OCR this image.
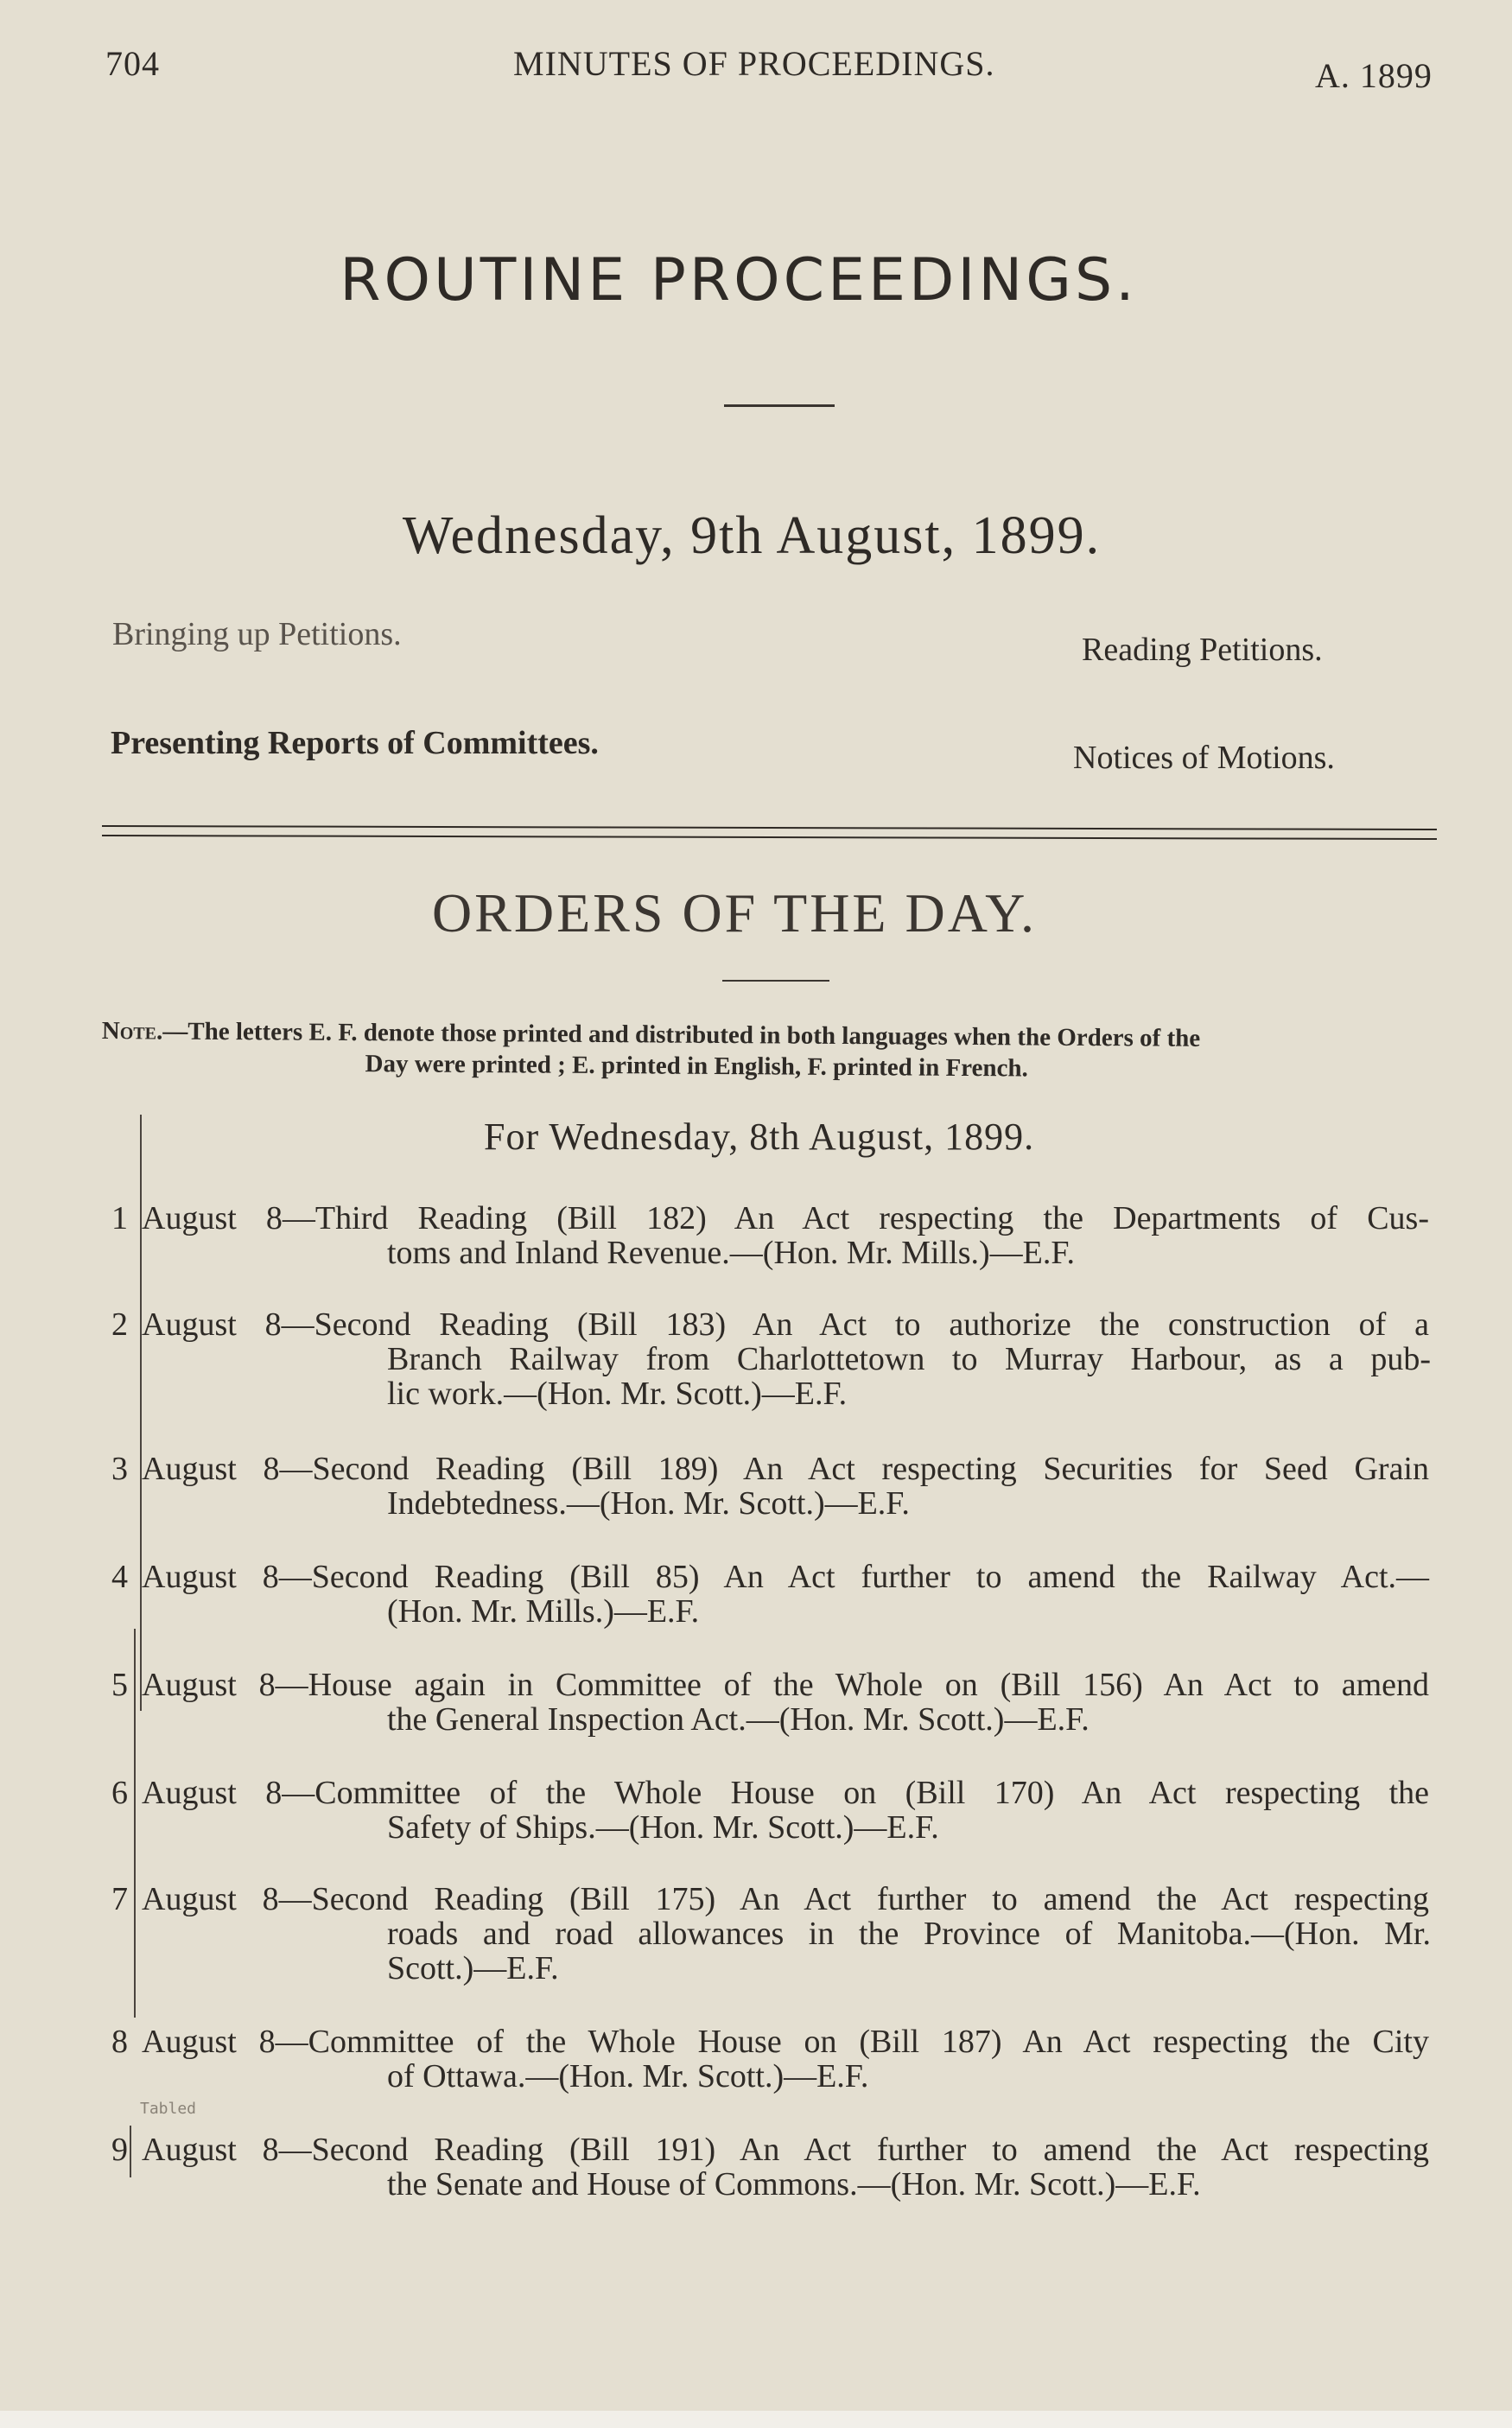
704	MINUTES OF PROCEEDINGS.	A. 1899
ROUTINE PROCEEDINGS.
Wednesday, 9th August, 1899.
Bringing up Petitions.	Reading Petitions.
Presenting Reports of Committees.	Notices of Motions.
ORDERS OF THE DAY.
Note.—The letters E. F. denote those printed and distributed in both languages when the Orders of the
Day were printed ; E. printed in English, F. printed in French.
For Wednesday, 8th August, 1899.
Tabled
1 August 8—Third Reading (Bill 182) An Act respecting the Departments of Cus-
toms and Inland Revenue.—(Hon. Mr. Mills.)—E.F.
2 August 8—Second Reading (Bill 183) An Act to authorize the construction of a
Branch Railway from Charlottetown to Murray Harbour, as a pub-
lic work.—(Hon. Mr. Scott.)—E.F.
3 August 8—Second Reading (Bill 189) An Act respecting Securities for Seed Grain
Indebtedness.—(Hon. Mr. Scott.)—E.F.
4 August 8—Second Reading (Bill 85) An Act further to amend the Railway Act.—
(Hon. Mr. Mills.)—E.F.
5 August 8—House again in Committee of the Whole on (Bill 156) An Act to amend
the General Inspection Act.—(Hon. Mr. Scott.)—E.F.
6 August 8—Committee of the Whole House on (Bill 170) An Act respecting the
Safety of Ships.—(Hon. Mr. Scott.)—E.F.
7 August 8—Second Reading (Bill 175) An Act further to amend the Act respecting
roads and road allowances in the Province of Manitoba.—(Hon. Mr.
Scott.)—E.F.
8 August 8—Committee of the Whole House on (Bill 187) An Act respecting the City
of Ottawa.—(Hon. Mr. Scott.)—E.F.
9 August 8—Second Reading (Bill 191) An Act further to amend the Act respecting
the Senate and House of Commons.—(Hon. Mr. Scott.)—E.F.
